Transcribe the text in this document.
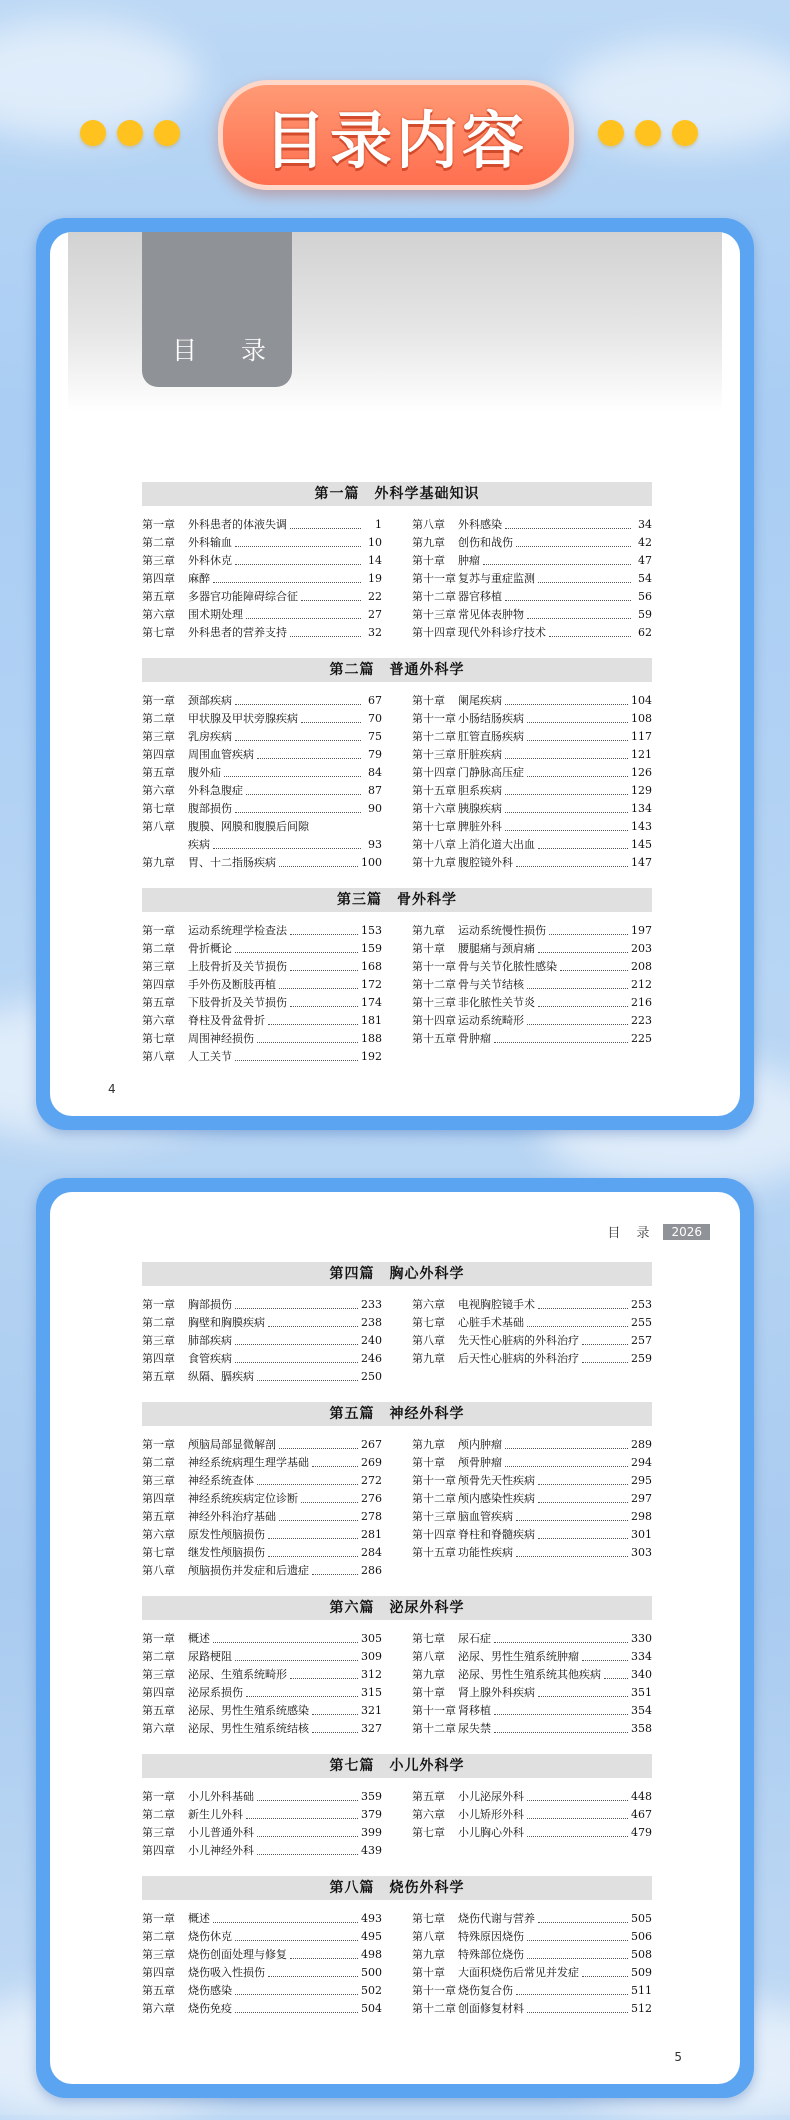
目录内容
目 录
第一篇　外科学基础知识
第一章	外科患者的体液失调	1
第二章	外科输血	10
第三章	外科休克	14
第四章	麻醉	19
第五章	多器官功能障碍综合征	22
第六章	围术期处理	27
第七章	外科患者的营养支持	32
第八章	外科感染	34
第九章	创伤和战伤	42
第十章	肿瘤	47
第十一章 复苏与重症监测	54
第十二章 器官移植	56
第十三章 常见体表肿物	59
第十四章 现代外科诊疗技术	62
第二篇　普通外科学
第一章	颈部疾病	67
第二章	甲状腺及甲状旁腺疾病	70
第三章	乳房疾病	75
第四章	周围血管疾病	79
第五章	腹外疝	84
第六章	外科急腹症	87
第七章	腹部损伤	90
第八章	腹膜、网膜和腹膜后间隙
疾病	93
第九章	胃、十二指肠疾病	100
第十章	阑尾疾病	104
第十一章 小肠结肠疾病	108
第十二章 肛管直肠疾病	117
第十三章 肝脏疾病	121
第十四章 门静脉高压症	126
第十五章 胆系疾病	129
第十六章 胰腺疾病	134
第十七章 脾脏外科	143
第十八章 上消化道大出血	145
第十九章 腹腔镜外科	147
第三篇　骨外科学
第一章	运动系统理学检查法	153
第二章	骨折概论	159
第三章	上肢骨折及关节损伤	168
第四章	手外伤及断肢再植	172
第五章	下肢骨折及关节损伤	174
第六章	脊柱及骨盆骨折	181
第七章	周围神经损伤	188
第八章	人工关节	192
第九章	运动系统慢性损伤	197
第十章	腰腿痛与颈肩痛	203
第十一章 骨与关节化脓性感染	208
第十二章 骨与关节结核	212
第十三章 非化脓性关节炎	216
第十四章 运动系统畸形	223
第十五章 骨肿瘤	225
4
目 录	2026
第四篇　胸心外科学
第一章	胸部损伤	233
第二章	胸壁和胸膜疾病	238
第三章	肺部疾病	240
第四章	食管疾病	246
第五章	纵隔、膈疾病	250
第六章	电视胸腔镜手术	253
第七章	心脏手术基础	255
第八章	先天性心脏病的外科治疗	257
第九章	后天性心脏病的外科治疗	259
第五篇　神经外科学
第一章	颅脑局部显微解剖	267
第二章	神经系统病理生理学基础	269
第三章	神经系统查体	272
第四章	神经系统疾病定位诊断	276
第五章	神经外科治疗基础	278
第六章	原发性颅脑损伤	281
第七章	继发性颅脑损伤	284
第八章	颅脑损伤并发症和后遗症	286
第九章	颅内肿瘤	289
第十章	颅骨肿瘤	294
第十一章 颅骨先天性疾病	295
第十二章 颅内感染性疾病	297
第十三章 脑血管疾病	298
第十四章 脊柱和脊髓疾病	301
第十五章 功能性疾病	303
第六篇　泌尿外科学
第一章	概述	305
第二章	尿路梗阻	309
第三章	泌尿、生殖系统畸形	312
第四章	泌尿系损伤	315
第五章	泌尿、男性生殖系统感染	321
第六章	泌尿、男性生殖系统结核	327
第七章	尿石症	330
第八章	泌尿、男性生殖系统肿瘤	334
第九章	泌尿、男性生殖系统其他疾病	340
第十章	肾上腺外科疾病	351
第十一章 肾移植	354
第十二章 尿失禁	358
第七篇　小儿外科学
第一章	小儿外科基础	359
第二章	新生儿外科	379
第三章	小儿普通外科	399
第四章	小儿神经外科	439
第五章	小儿泌尿外科	448
第六章	小儿矫形外科	467
第七章	小儿胸心外科	479
第八篇　烧伤外科学
第一章	概述	493
第二章	烧伤休克	495
第三章	烧伤创面处理与修复	498
第四章	烧伤吸入性损伤	500
第五章	烧伤感染	502
第六章	烧伤免疫	504
第七章	烧伤代谢与营养	505
第八章	特殊原因烧伤	506
第九章	特殊部位烧伤	508
第十章	大面积烧伤后常见并发症	509
第十一章 烧伤复合伤	511
第十二章 创面修复材料	512
5
